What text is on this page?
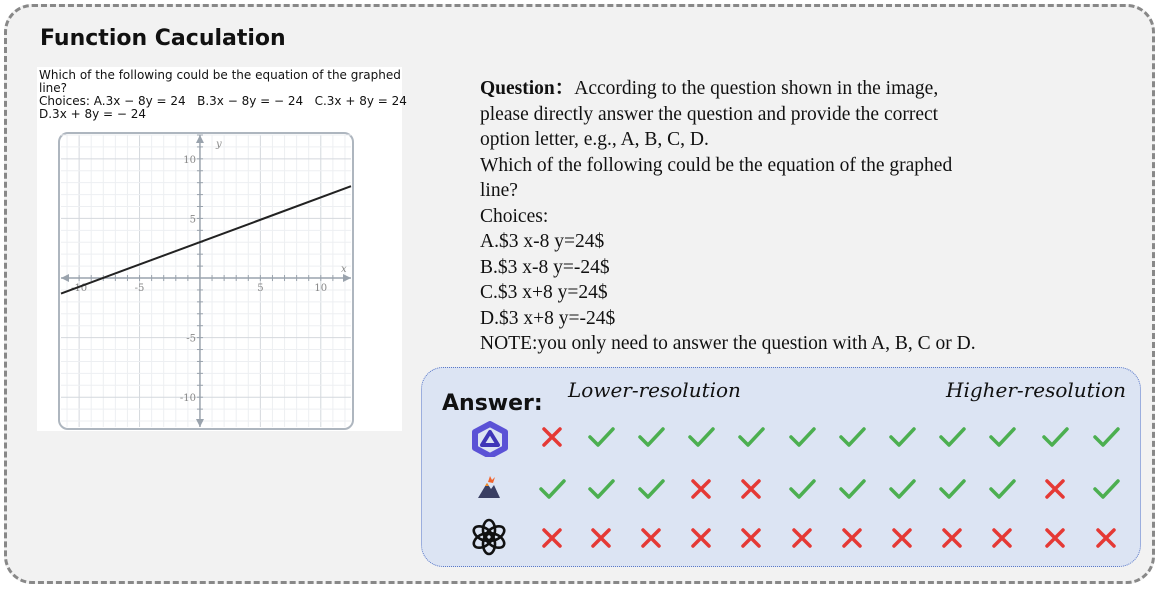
Function Caculation
Which of the following could be the equation of the graphed
line?
Choices: A.3x − 8y = 24   B.3x − 8y = − 24   C.3x + 8y = 24
D.3x + 8y = − 24
-10	-5	5	10
10
5
-5
-10
x
y
Question：According to the question shown in the image,
please directly answer the question and provide the correct
option letter, e.g., A, B, C, D.
Which of the following could be the equation of the graphed
line?
Choices:
A.$3 x-8 y=24$
B.$3 x-8 y=-24$
C.$3 x+8 y=24$
D.$3 x+8 y=-24$
NOTE:you only need to answer the question with A, B, C or D.
Answer:
Lower-resolution	Higher-resolution
